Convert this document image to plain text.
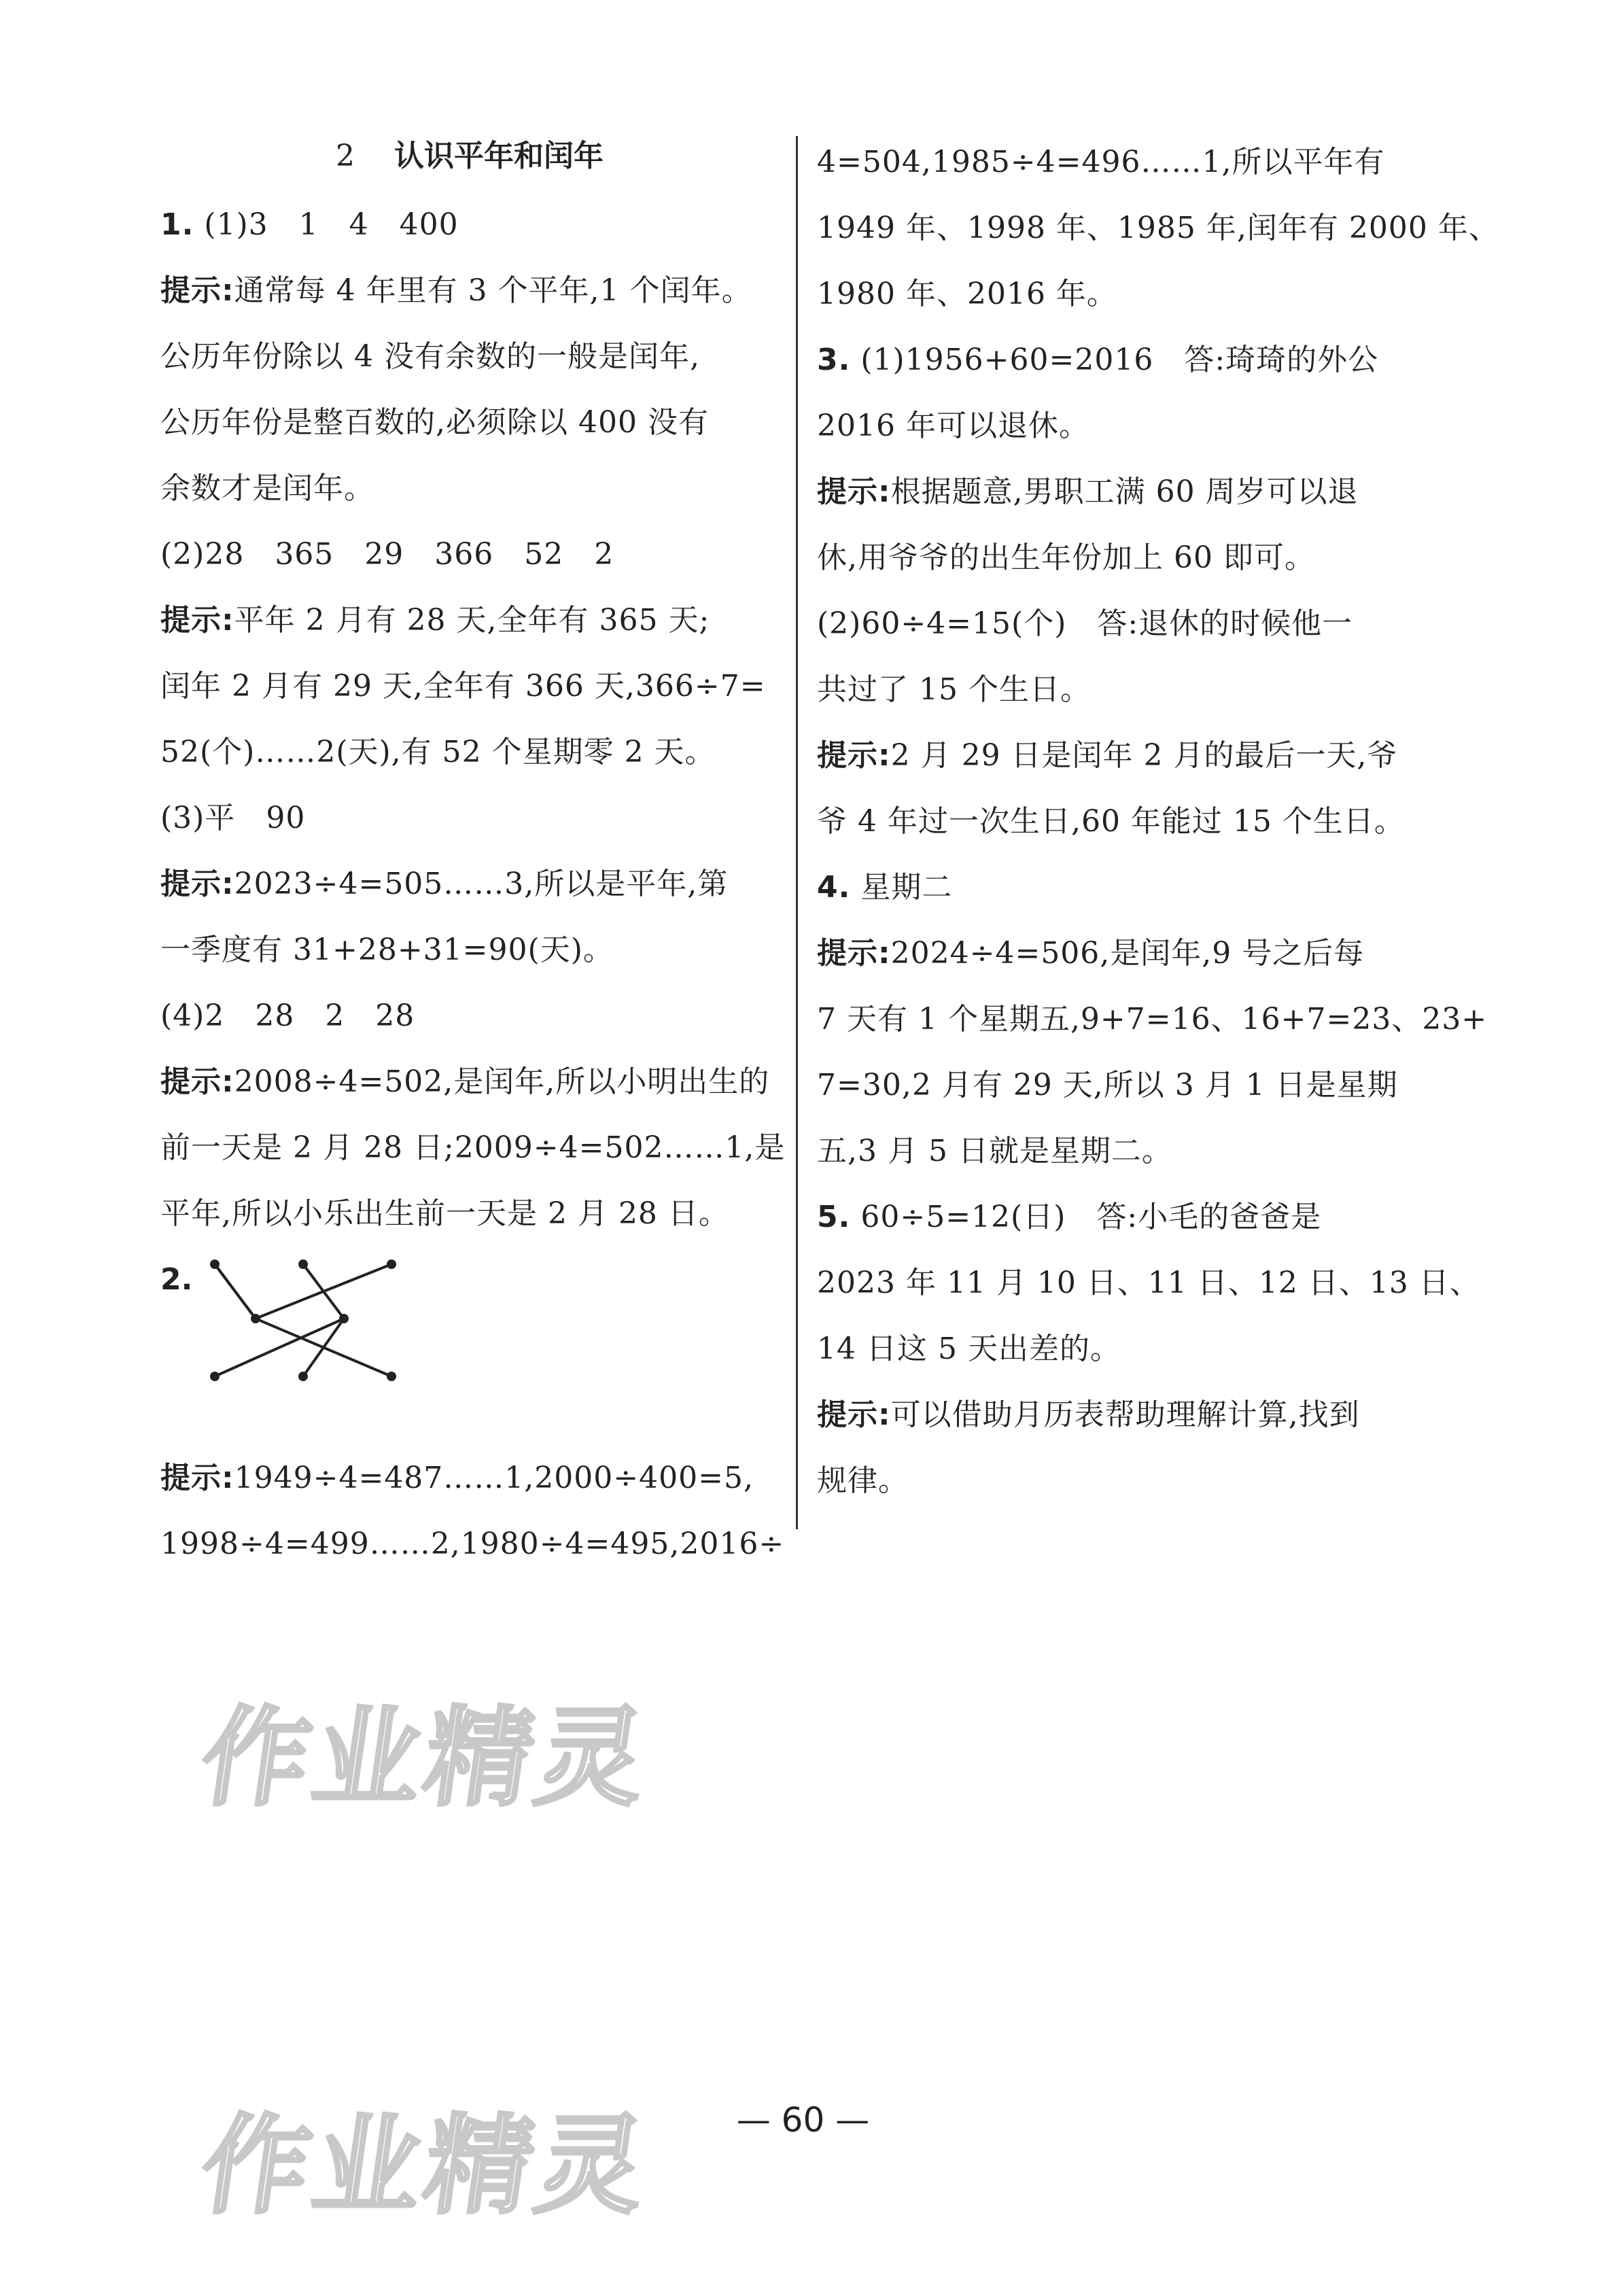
2 认识平年和闰年
1. (1)3　1　4　400
提示:通常每 4 年里有 3 个平年,1 个闰年。
公历年份除以 4 没有余数的一般是闰年,
公历年份是整百数的,必须除以 400 没有
余数才是闰年。
(2)28　365　29　366　52　2
提示:平年 2 月有 28 天,全年有 365 天;
闰年 2 月有 29 天,全年有 366 天,366÷7=
52(个)……2(天),有 52 个星期零 2 天。
(3)平　90
提示:2023÷4=505……3,所以是平年,第
一季度有 31+28+31=90(天)。
(4)2　28　2　28
提示:2008÷4=502,是闰年,所以小明出生的
前一天是 2 月 28 日;2009÷4=502……1,是
平年,所以小乐出生前一天是 2 月 28 日。
2.
提示:1949÷4=487……1,2000÷400=5,
1998÷4=499……2,1980÷4=495,2016÷
4=504,1985÷4=496……1,所以平年有
1949 年、1998 年、1985 年,闰年有 2000 年、
1980 年、2016 年。
3. (1)1956+60=2016　答:琦琦的外公
2016 年可以退休。
提示:根据题意,男职工满 60 周岁可以退
休,用爷爷的出生年份加上 60 即可。
(2)60÷4=15(个)　答:退休的时候他一
共过了 15 个生日。
提示:2 月 29 日是闰年 2 月的最后一天,爷
爷 4 年过一次生日,60 年能过 15 个生日。
4. 星期二
提示:2024÷4=506,是闰年,9 号之后每
7 天有 1 个星期五,9+7=16、16+7=23、23+
7=30,2 月有 29 天,所以 3 月 1 日是星期
五,3 月 5 日就是星期二。
5. 60÷5=12(日)　答:小毛的爸爸是
2023 年 11 月 10 日、11 日、12 日、13 日、
14 日这 5 天出差的。
提示:可以借助月历表帮助理解计算,找到
规律。
作业精灵
作业精灵	— 60 —
